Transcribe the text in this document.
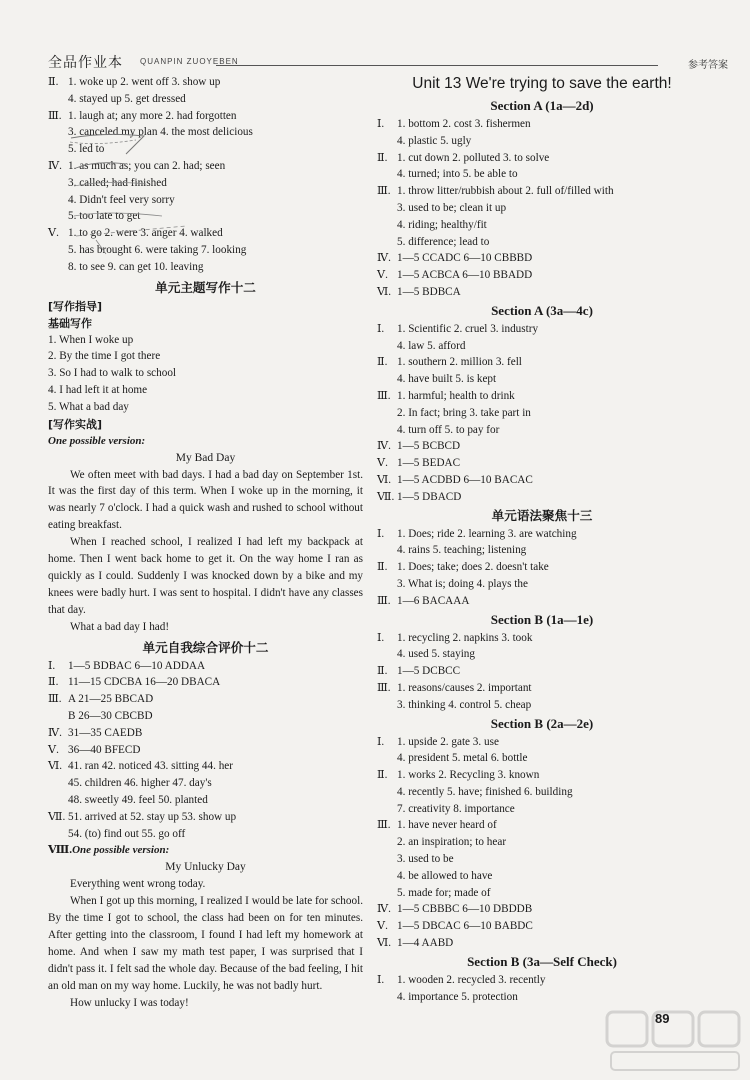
全品作业本 QUANPIN ZUOYEBEN	参考答案
Ⅱ. 1. woke up 2. went off 3. show up
4. stayed up 5. get dressed
Ⅲ. 1. laugh at; any more 2. had forgotten
3. canceled my plan 4. the most delicious
5. led to
Ⅳ. 1. as much as; you can 2. had; seen
3. called; had finished
4. Didn't feel very sorry
5. too late to get
Ⅴ. 1. to go 2. were 3. anger 4. walked
5. has brought 6. were taking 7. looking
8. to see 9. can get 10. leaving
单元主题写作十二
[写作指导]
基础写作
1. When I woke up
2. By the time I got there
3. So I had to walk to school
4. I had left it at home
5. What a bad day
[写作实战]
One possible version:
My Bad Day
We often meet with bad days. I had a bad day on September 1st. It was the first day of this term. When I woke up in the morning, it was nearly 7 o'clock. I had a quick wash and rushed to school without eating breakfast.
When I reached school, I realized I had left my backpack at home. Then I went back home to get it. On the way home I ran as quickly as I could. Suddenly I was knocked down by a bike and my knees were badly hurt. I was sent to hospital. I didn't have any classes that day.
What a bad day I had!
单元自我综合评价十二
Ⅰ. 1—5 BDBAC 6—10 ADDAA
Ⅱ. 11—15 CDCBA 16—20 DBACA
Ⅲ. A 21—25 BBCAD
B 26—30 CBCBD
Ⅳ. 31—35 CAEDB
Ⅴ. 36—40 BFECD
Ⅵ. 41. ran 42. noticed 43. sitting 44. her
45. children 46. higher 47. day's
48. sweetly 49. feel 50. planted
Ⅶ. 51. arrived at 52. stay up 53. show up
54. (to) find out 55. go off
Ⅷ.One possible version:
My Unlucky Day
Everything went wrong today.
When I got up this morning, I realized I would be late for school. By the time I got to school, the class had been on for ten minutes. After getting into the classroom, I found I had left my homework at home. And when I saw my math test paper, I was surprised that I didn't pass it. I felt sad the whole day. Because of the bad feeling, I hit an old man on my way home. Luckily, he was not badly hurt.
How unlucky I was today!
Unit 13 We're trying to save the earth!
Section A (1a—2d)
Ⅰ. 1. bottom 2. cost 3. fishermen
4. plastic 5. ugly
Ⅱ. 1. cut down 2. polluted 3. to solve
4. turned; into 5. be able to
Ⅲ. 1. throw litter/rubbish about 2. full of/filled with
3. used to be; clean it up
4. riding; healthy/fit
5. difference; lead to
Ⅳ. 1—5 CCADC 6—10 CBBBD
Ⅴ. 1—5 ACBCA 6—10 BBADD
Ⅵ. 1—5 BDBCA
Section A (3a—4c)
Ⅰ. 1. Scientific 2. cruel 3. industry
4. law 5. afford
Ⅱ. 1. southern 2. million 3. fell
4. have built 5. is kept
Ⅲ. 1. harmful; health to drink
2. In fact; bring 3. take part in
4. turn off 5. to pay for
Ⅳ. 1—5 BCBCD
Ⅴ. 1—5 BEDAC
Ⅵ. 1—5 ACDBD 6—10 BACAC
Ⅶ. 1—5 DBACD
单元语法聚焦十三
Ⅰ. 1. Does; ride 2. learning 3. are watching
4. rains 5. teaching; listening
Ⅱ. 1. Does; take; does 2. doesn't take
3. What is; doing 4. plays the
Ⅲ. 1—6 BACAAA
Section B (1a—1e)
Ⅰ. 1. recycling 2. napkins 3. took
4. used 5. staying
Ⅱ. 1—5 DCBCC
Ⅲ. 1. reasons/causes 2. important
3. thinking 4. control 5. cheap
Section B (2a—2e)
Ⅰ. 1. upside 2. gate 3. use
4. president 5. metal 6. bottle
Ⅱ. 1. works 2. Recycling 3. known
4. recently 5. have; finished 6. building
7. creativity 8. importance
Ⅲ. 1. have never heard of
2. an inspiration; to hear
3. used to be
4. be allowed to have
5. made for; made of
Ⅳ. 1—5 CBBBC 6—10 DBDDB
Ⅴ. 1—5 DBCAC 6—10 BABDC
Ⅵ. 1—4 AABD
Section B (3a—Self Check)
Ⅰ. 1. wooden 2. recycled 3. recently
4. importance 5. protection
89
